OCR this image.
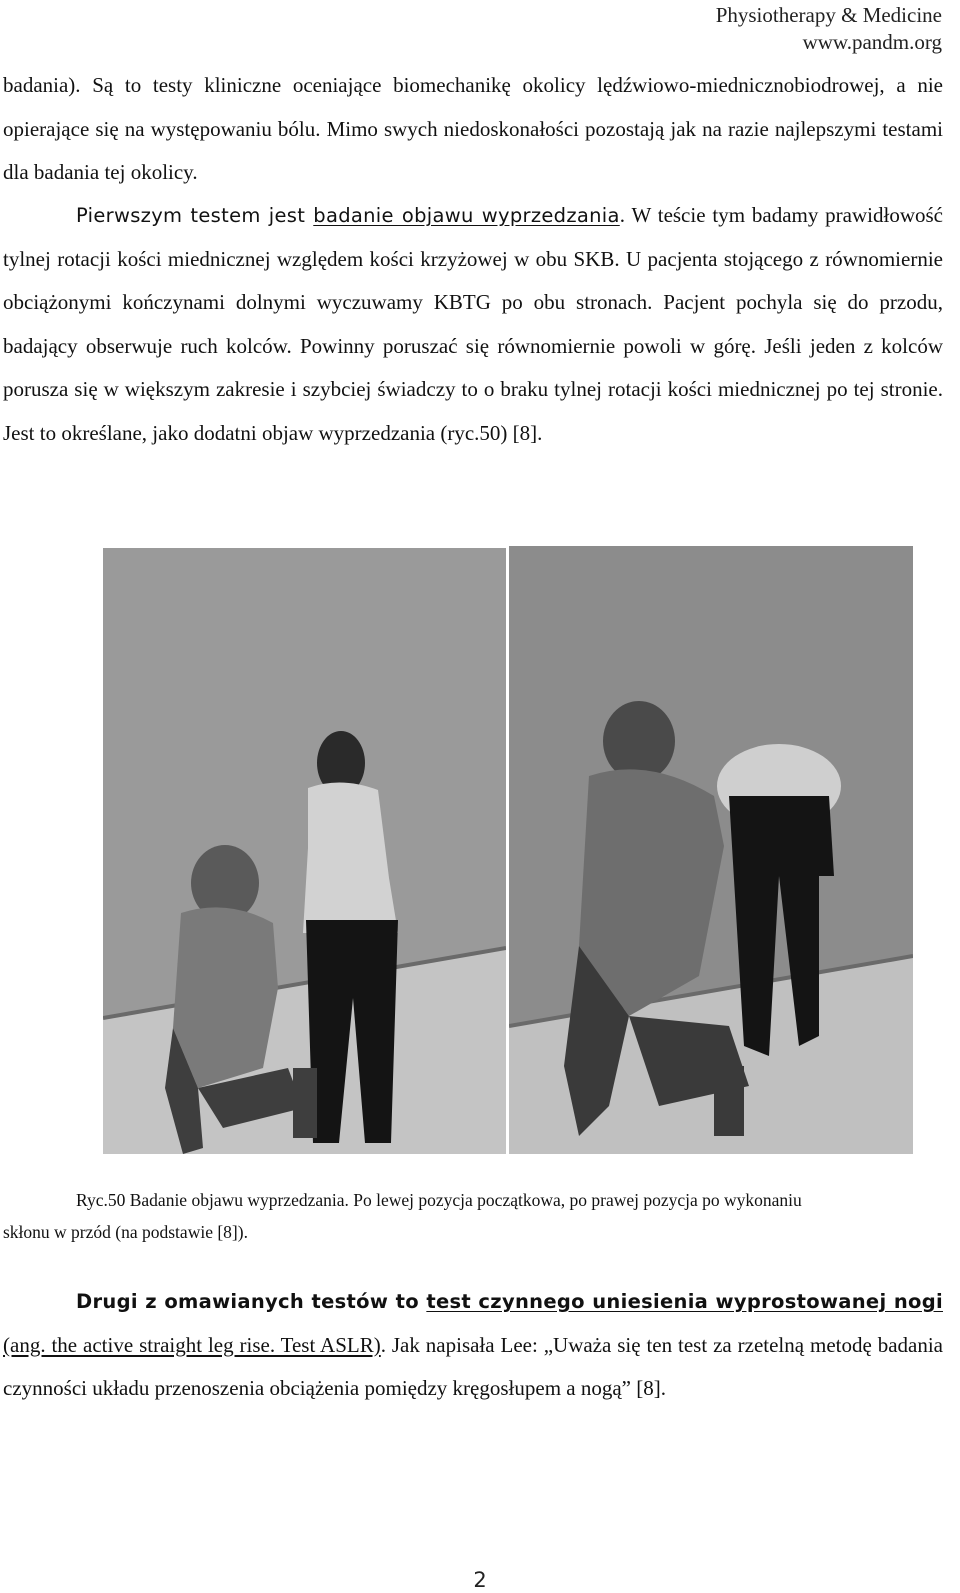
Physiotherapy & Medicine
www.pandm.org
badania). Są to testy kliniczne oceniające biomechanikę okolicy lędźwiowo-miednicznobiodrowej, a nie opierające się na występowaniu bólu. Mimo swych niedoskonałości pozostają jak na razie najlepszymi testami dla badania tej okolicy.
Pierwszym testem jest badanie objawu wyprzedzania. W teście tym badamy prawidłowość tylnej rotacji kości miednicznej względem kości krzyżowej w obu SKB. U pacjenta stojącego z równomiernie obciążonymi kończynami dolnymi wyczuwamy KBTG po obu stronach. Pacjent pochyla się do przodu, badający obserwuje ruch kolców. Powinny poruszać się równomiernie powoli w górę. Jeśli jeden z kolców porusza się w większym zakresie i szybciej świadczy to o braku tylnej rotacji kości miednicznej po tej stronie. Jest to określane, jako dodatni objaw wyprzedzania (ryc.50) [8].
Ryc.50 Badanie objawu wyprzedzania. Po lewej pozycja początkowa, po prawej pozycja po wykonaniu
skłonu w przód (na podstawie [8]).
Drugi z omawianych testów to test czynnego uniesienia wyprostowanej nogi (ang. the active straight leg rise. Test ASLR). Jak napisała Lee: „Uważa się ten test za rzetelną metodę badania czynności układu przenoszenia obciążenia pomiędzy kręgosłupem a nogą” [8].
2
